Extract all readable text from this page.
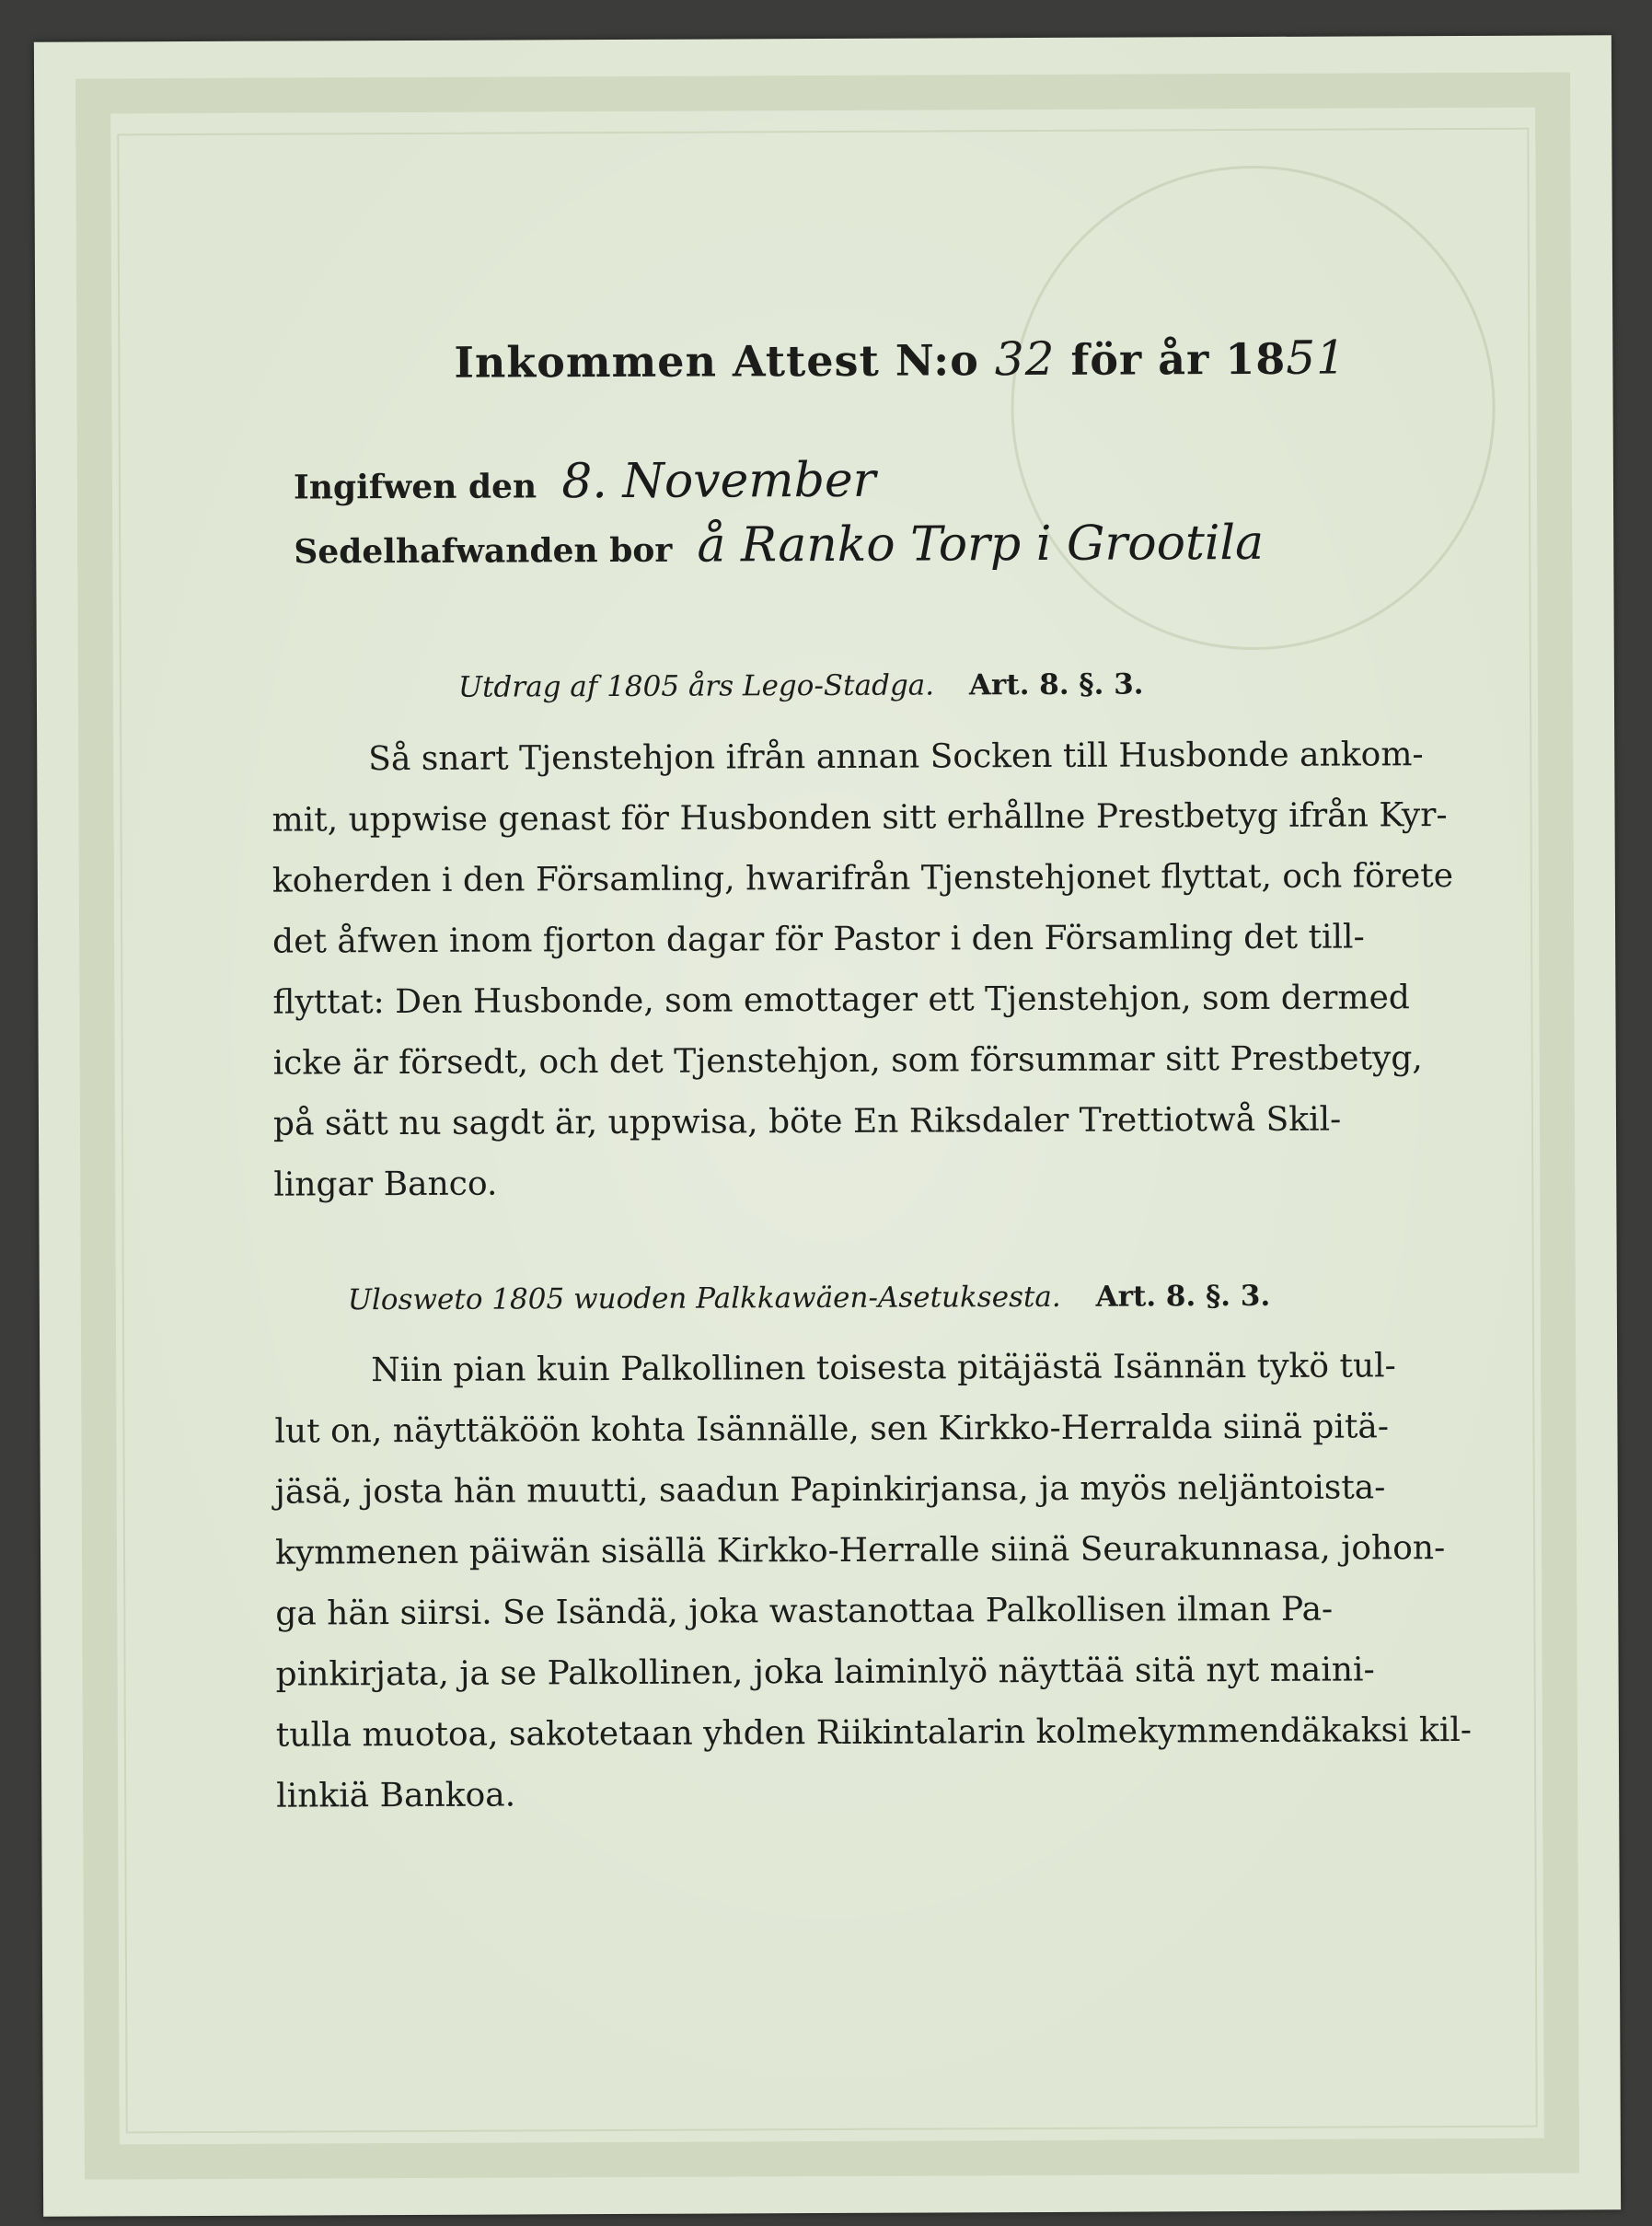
Inkommen Attest N:o 32 för år 1851
Ingifwen den 8. November
Sedelhafwanden bor å Ranko Torp i Grootila
Utdrag af 1805 års Lego-Stadga. Art. 8. §. 3.
Så snart Tjenstehjon ifrån annan Socken till Husbonde ankom-
mit, uppwise genast för Husbonden sitt erhållne Prestbetyg ifrån Kyr-
koherden i den Församling, hwarifrån Tjenstehjonet flyttat, och förete
det åfwen inom fjorton dagar för Pastor i den Församling det till-
flyttat: Den Husbonde, som emottager ett Tjenstehjon, som dermed
icke är försedt, och det Tjenstehjon, som försummar sitt Prestbetyg,
på sätt nu sagdt är, uppwisa, böte En Riksdaler Trettiotwå Skil-
lingar Banco.
Ulosweto 1805 wuoden Palkkawäen-Asetuksesta. Art. 8. §. 3.
Niin pian kuin Palkollinen toisesta pitäjästä Isännän tykö tul-
lut on, näyttäköön kohta Isännälle, sen Kirkko-Herralda siinä pitä-
jäsä, josta hän muutti, saadun Papinkirjansa, ja myös neljäntoista-
kymmenen päiwän sisällä Kirkko-Herralle siinä Seurakunnasa, johon-
ga hän siirsi. Se Isändä, joka wastanottaa Palkollisen ilman Pa-
pinkirjata, ja se Palkollinen, joka laiminlyö näyttää sitä nyt maini-
tulla muotoa, sakotetaan yhden Riikintalarin kolmekymmendäkaksi kil-
linkiä Bankoa.
